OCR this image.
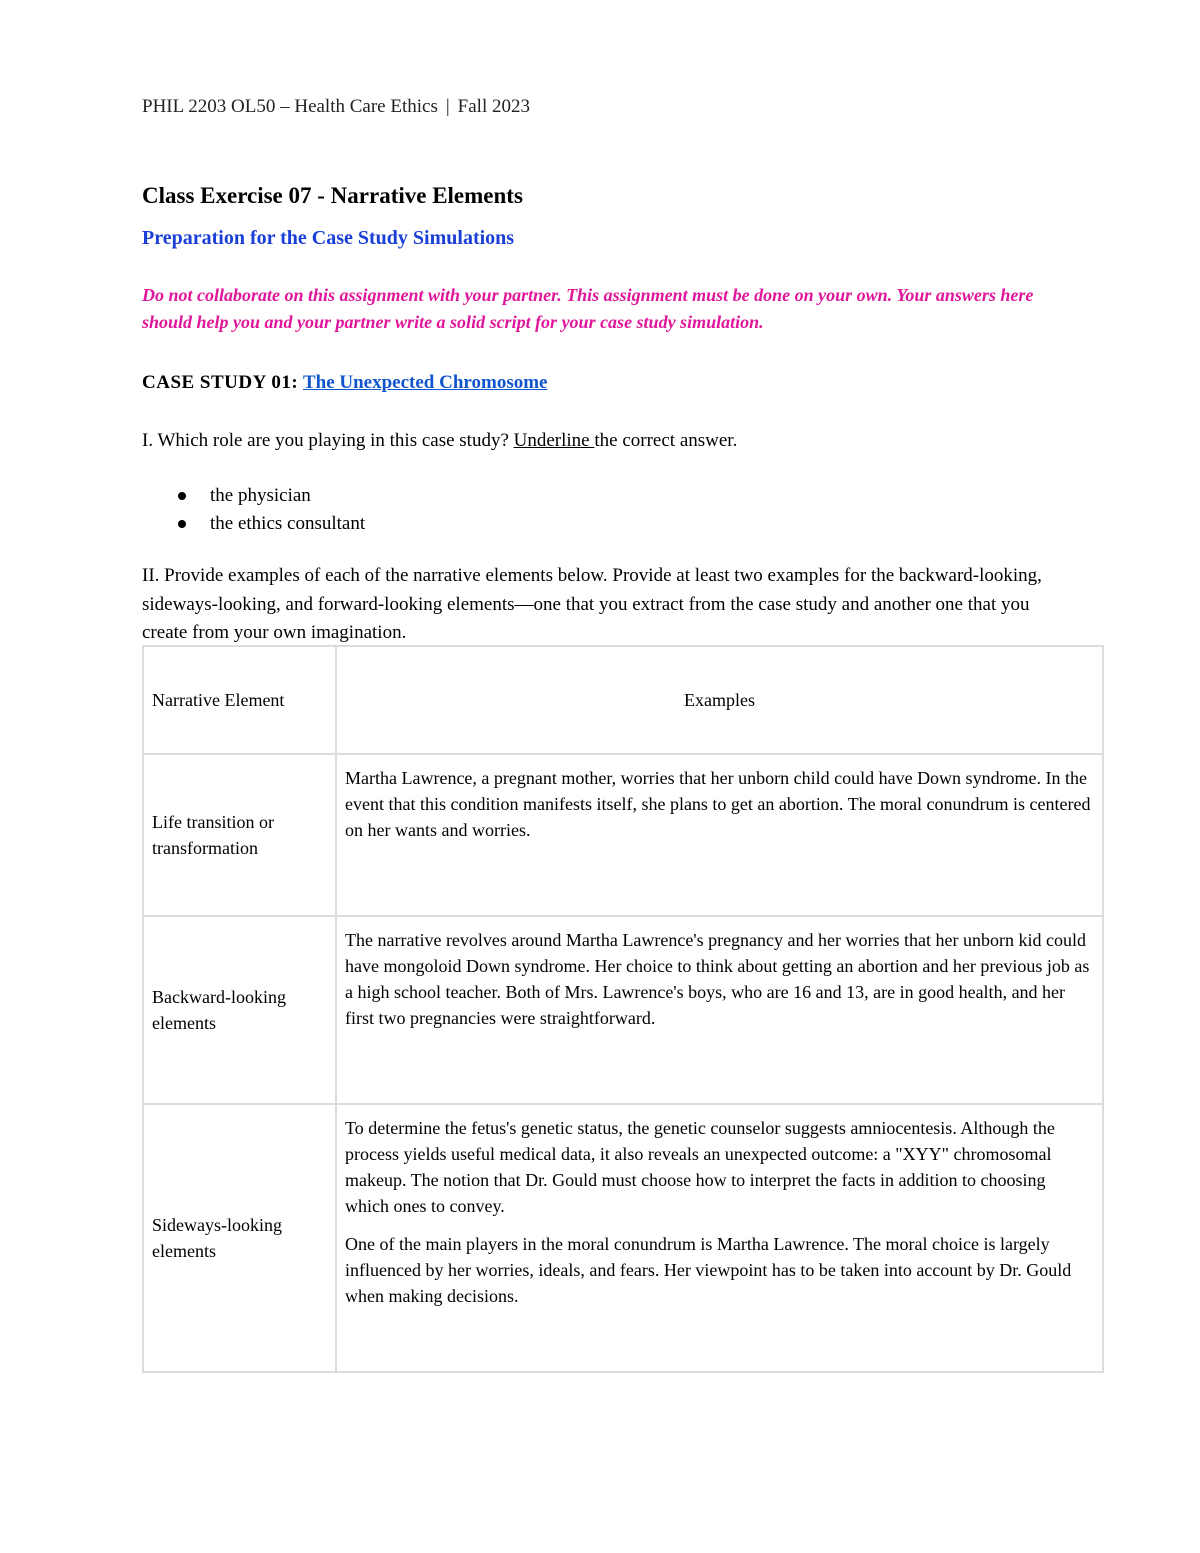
PHIL 2203 OL50 – Health Care Ethics | Fall 2023
Class Exercise 07 - Narrative Elements
Preparation for the Case Study Simulations
Do not collaborate on this assignment with your partner. This assignment must be done on your own. Your answers here should help you and your partner write a solid script for your case study simulation.
CASE STUDY 01: The Unexpected Chromosome
I. Which role are you playing in this case study? Underline the correct answer.
the physician
the ethics consultant
II. Provide examples of each of the narrative elements below. Provide at least two examples for the backward-looking, sideways-looking, and forward-looking elements—one that you extract from the case study and another one that you create from your own imagination.
Narrative Element	Examples
Life transition or transformation	Martha Lawrence, a pregnant mother, worries that her unborn child could have Down syndrome. In the event that this condition manifests itself, she plans to get an abortion. The moral conundrum is centered on her wants and worries.

Backward-looking elements	The narrative revolves around Martha Lawrence's pregnancy and her worries that her unborn kid could have mongoloid Down syndrome. Her choice to think about getting an abortion and her previous job as a high school teacher. Both of Mrs. Lawrence's boys, who are 16 and 13, are in good health, and her first two pregnancies were straightforward.

Sideways-looking elements	To determine the fetus's genetic status, the genetic counselor suggests amniocentesis. Although the process yields useful medical data, it also reveals an unexpected outcome: a "XYY" chromosomal makeup. The notion that Dr. Gould must choose how to interpret the facts in addition to choosing which ones to convey.

One of the main players in the moral conundrum is Martha Lawrence. The moral choice is largely influenced by her worries, ideals, and fears. Her viewpoint has to be taken into account by Dr. Gould when making decisions.
